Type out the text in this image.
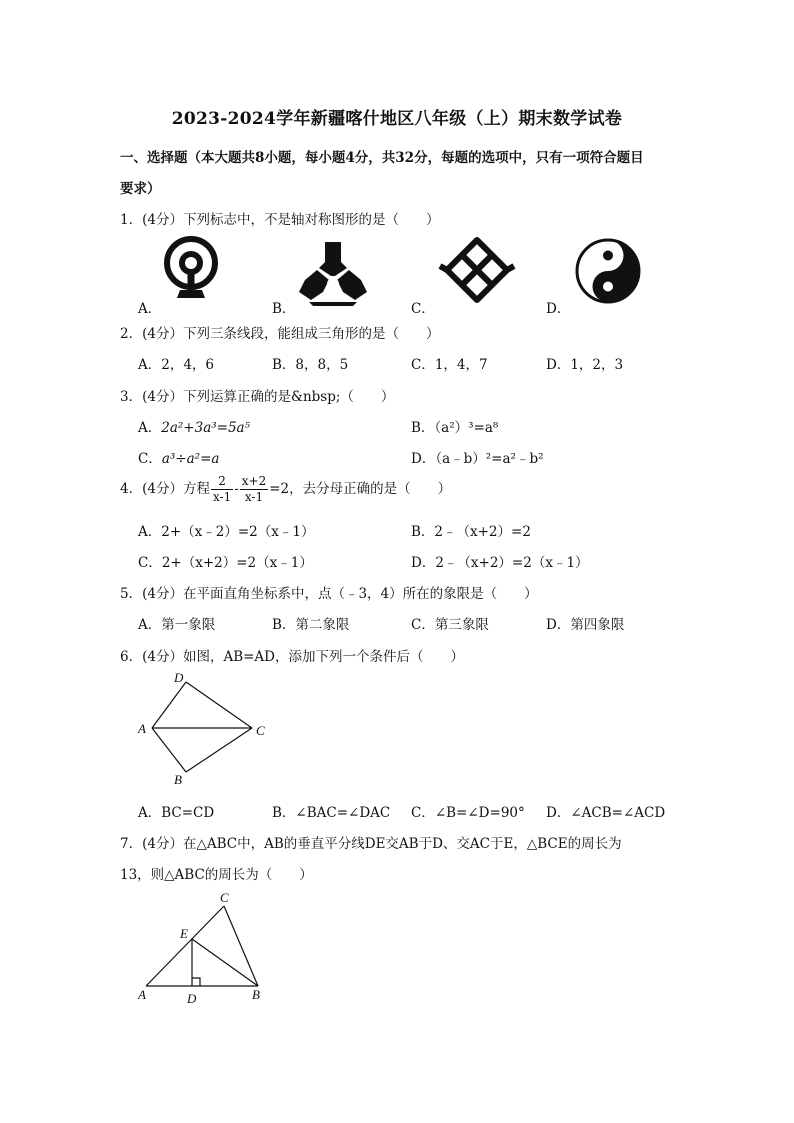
2023-2024学年新疆喀什地区八年级（上）期末数学试卷
一、选择题（本大题共8小题，每小题4分，共32分，每题的选项中，只有一项符合题目
要求）
1．(4分）下列标志中，不是轴对称图形的是（　　）
A．	B．	C．	D．
2．(4分）下列三条线段，能组成三角形的是（　　）
A．2，4，6	B．8，8，5	C．1，4，7	D．1，2，3
3．(4分）下列运算正确的是&nbsp;（　　）
A．2a²+3a³=5a⁵	B．（a²）³=a⁸
C．a³÷a²=a	D．（a﹣b）²=a²﹣b²
4．(4分）方程 $\frac{2}{x-1} - \frac{x+2}{x-1} =2$，去分母正确的是（　　）
A．2+（x﹣2）=2（x﹣1）	B．2﹣（x+2）=2
C．2+（x+2）=2（x﹣1）	D．2﹣（x+2）=2（x﹣1）
5．(4分）在平面直角坐标系中，点（﹣3，4）所在的象限是（　　）
A．第一象限	B．第二象限	C．第三象限	D．第四象限
6．(4分）如图，AB=AD，添加下列一个条件后（　　）
D
A	C
B
A．BC=CD	B．∠BAC=∠DAC C．∠B=∠D=90° D．∠ACB=∠ACD
7．(4分）在△ABC中，AB的垂直平分线DE交AB于D、交AC于E，△BCE的周长为
13，则△ABC的周长为（　　）
C
E
A	D	B
